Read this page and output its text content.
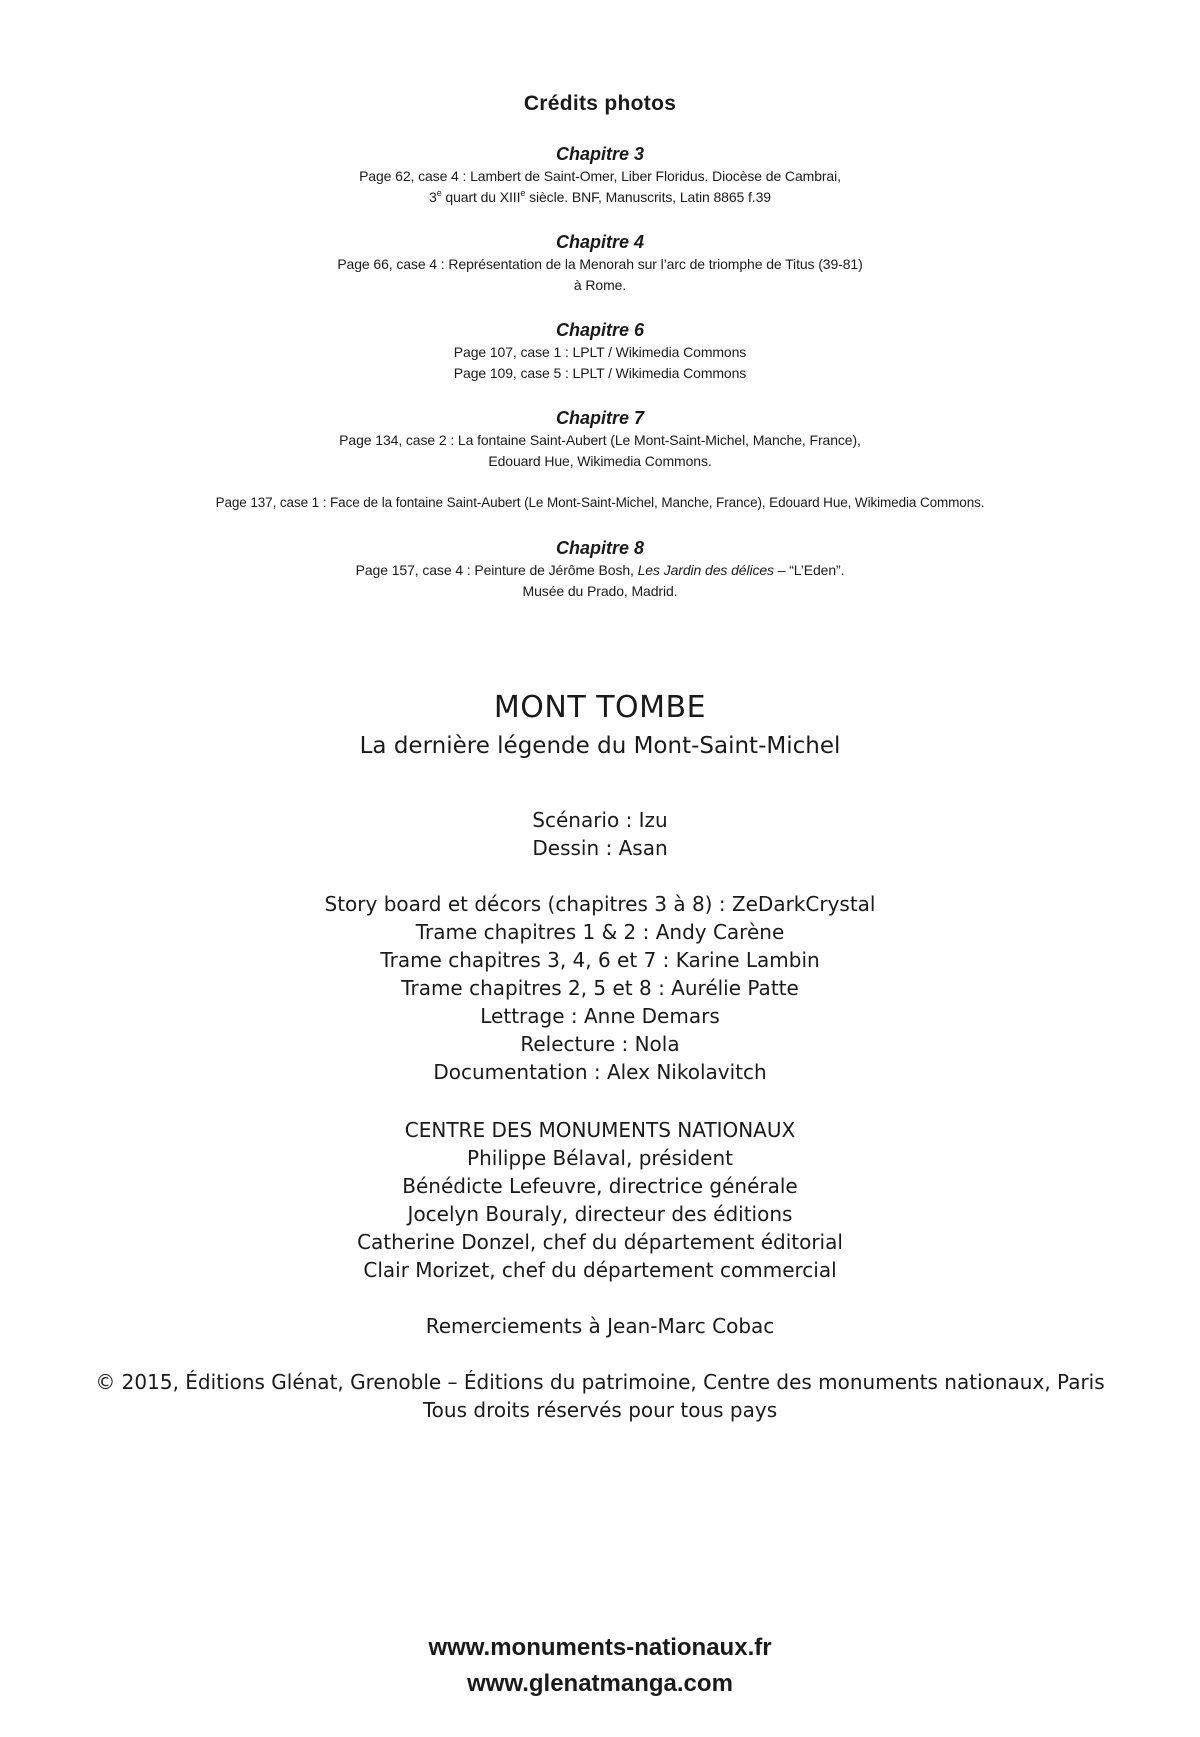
Crédits photos
Chapitre 3
Page 62, case 4 : Lambert de Saint-Omer, Liber Floridus. Diocèse de Cambrai,
3e quart du XIIIe siècle. BNF, Manuscrits, Latin 8865 f.39
Chapitre 4
Page 66, case 4 : Représentation de la Menorah sur l’arc de triomphe de Titus (39-81)
à Rome.
Chapitre 6
Page 107, case 1 : LPLT / Wikimedia Commons
Page 109, case 5 : LPLT / Wikimedia Commons
Chapitre 7
Page 134, case 2 : La fontaine Saint-Aubert (Le Mont-Saint-Michel, Manche, France),
Edouard Hue, Wikimedia Commons.
Page 137, case 1 : Face de la fontaine Saint-Aubert (Le Mont-Saint-Michel, Manche, France), Edouard Hue, Wikimedia Commons.
Chapitre 8
Page 157, case 4 : Peinture de Jérôme Bosh, Les Jardin des délices – “L’Eden”.
Musée du Prado, Madrid.
MONT TOMBE
La dernière légende du Mont-Saint-Michel
Scénario : Izu
Dessin : Asan
Story board et décors (chapitres 3 à 8) : ZeDarkCrystal
Trame chapitres 1 & 2 : Andy Carène
Trame chapitres 3, 4, 6 et 7 : Karine Lambin
Trame chapitres 2, 5 et 8 : Aurélie Patte
Lettrage : Anne Demars
Relecture : Nola
Documentation : Alex Nikolavitch
CENTRE DES MONUMENTS NATIONAUX
Philippe Bélaval, président
Bénédicte Lefeuvre, directrice générale
Jocelyn Bouraly, directeur des éditions
Catherine Donzel, chef du département éditorial
Clair Morizet, chef du département commercial
Remerciements à Jean-Marc Cobac
© 2015, Éditions Glénat, Grenoble – Éditions du patrimoine, Centre des monuments nationaux, Paris
Tous droits réservés pour tous pays
www.monuments-nationaux.fr
www.glenatmanga.com
